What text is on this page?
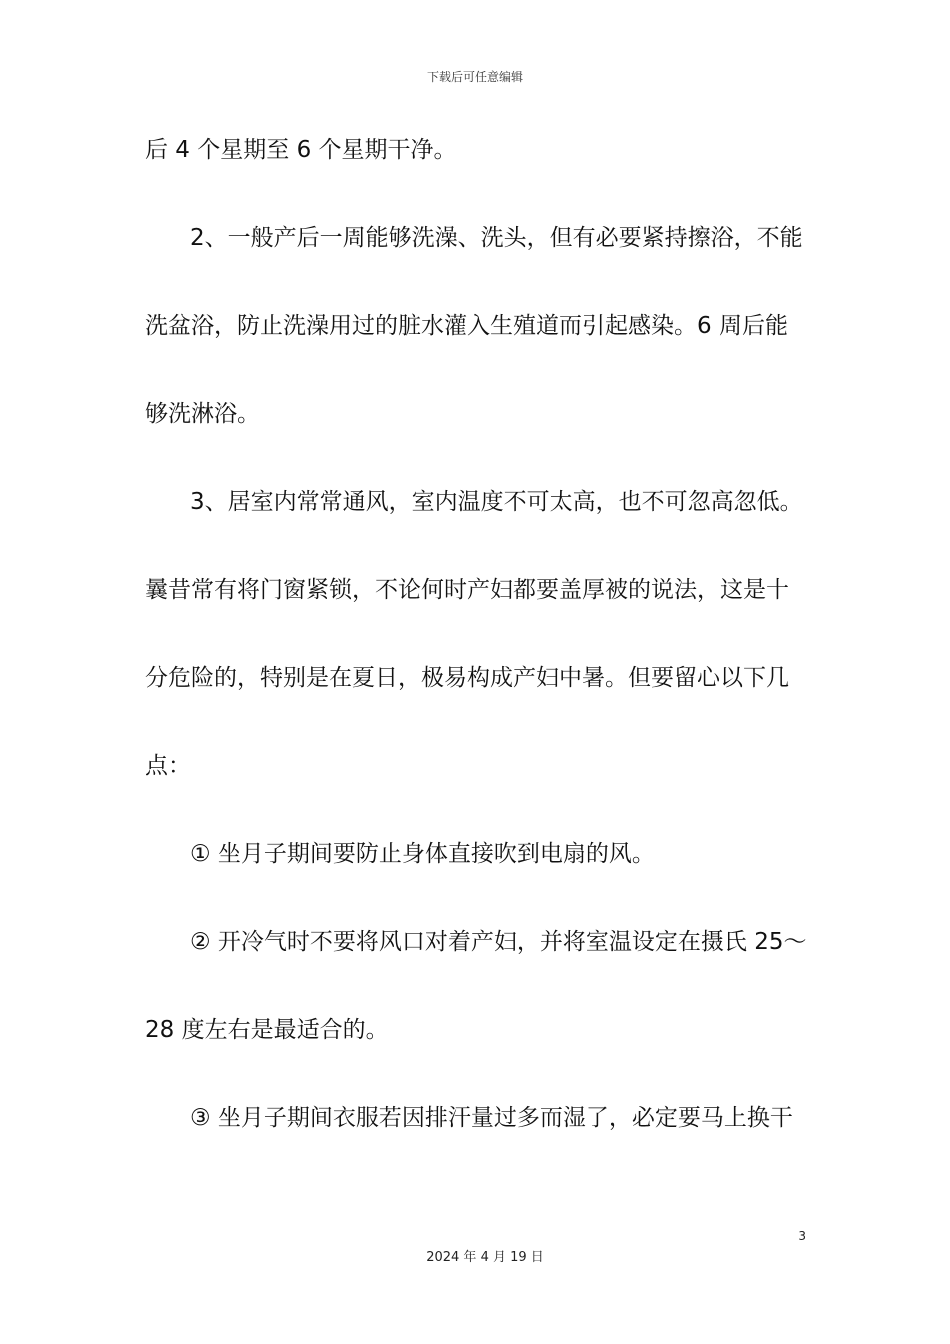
下载后可任意编辑
后 4 个星期至 6 个星期干净。
2、一般产后一周能够洗澡、洗头，但有必要紧持擦浴，不能
洗盆浴，防止洗澡用过的脏水灌入生殖道而引起感染。6 周后能
够洗淋浴。
3、居室内常常通风，室内温度不可太高，也不可忽高忽低。
曩昔常有将门窗紧锁，不论何时产妇都要盖厚被的说法，这是十
分危险的，特别是在夏日，极易构成产妇中暑。但要留心以下几
点：
① 坐月子期间要防止身体直接吹到电扇的风。
② 开冷气时不要将风口对着产妇，并将室温设定在摄氏 25～
28 度左右是最适合的。
③ 坐月子期间衣服若因排汗量过多而湿了，必定要马上换干
3
2024 年 4 月 19 日
